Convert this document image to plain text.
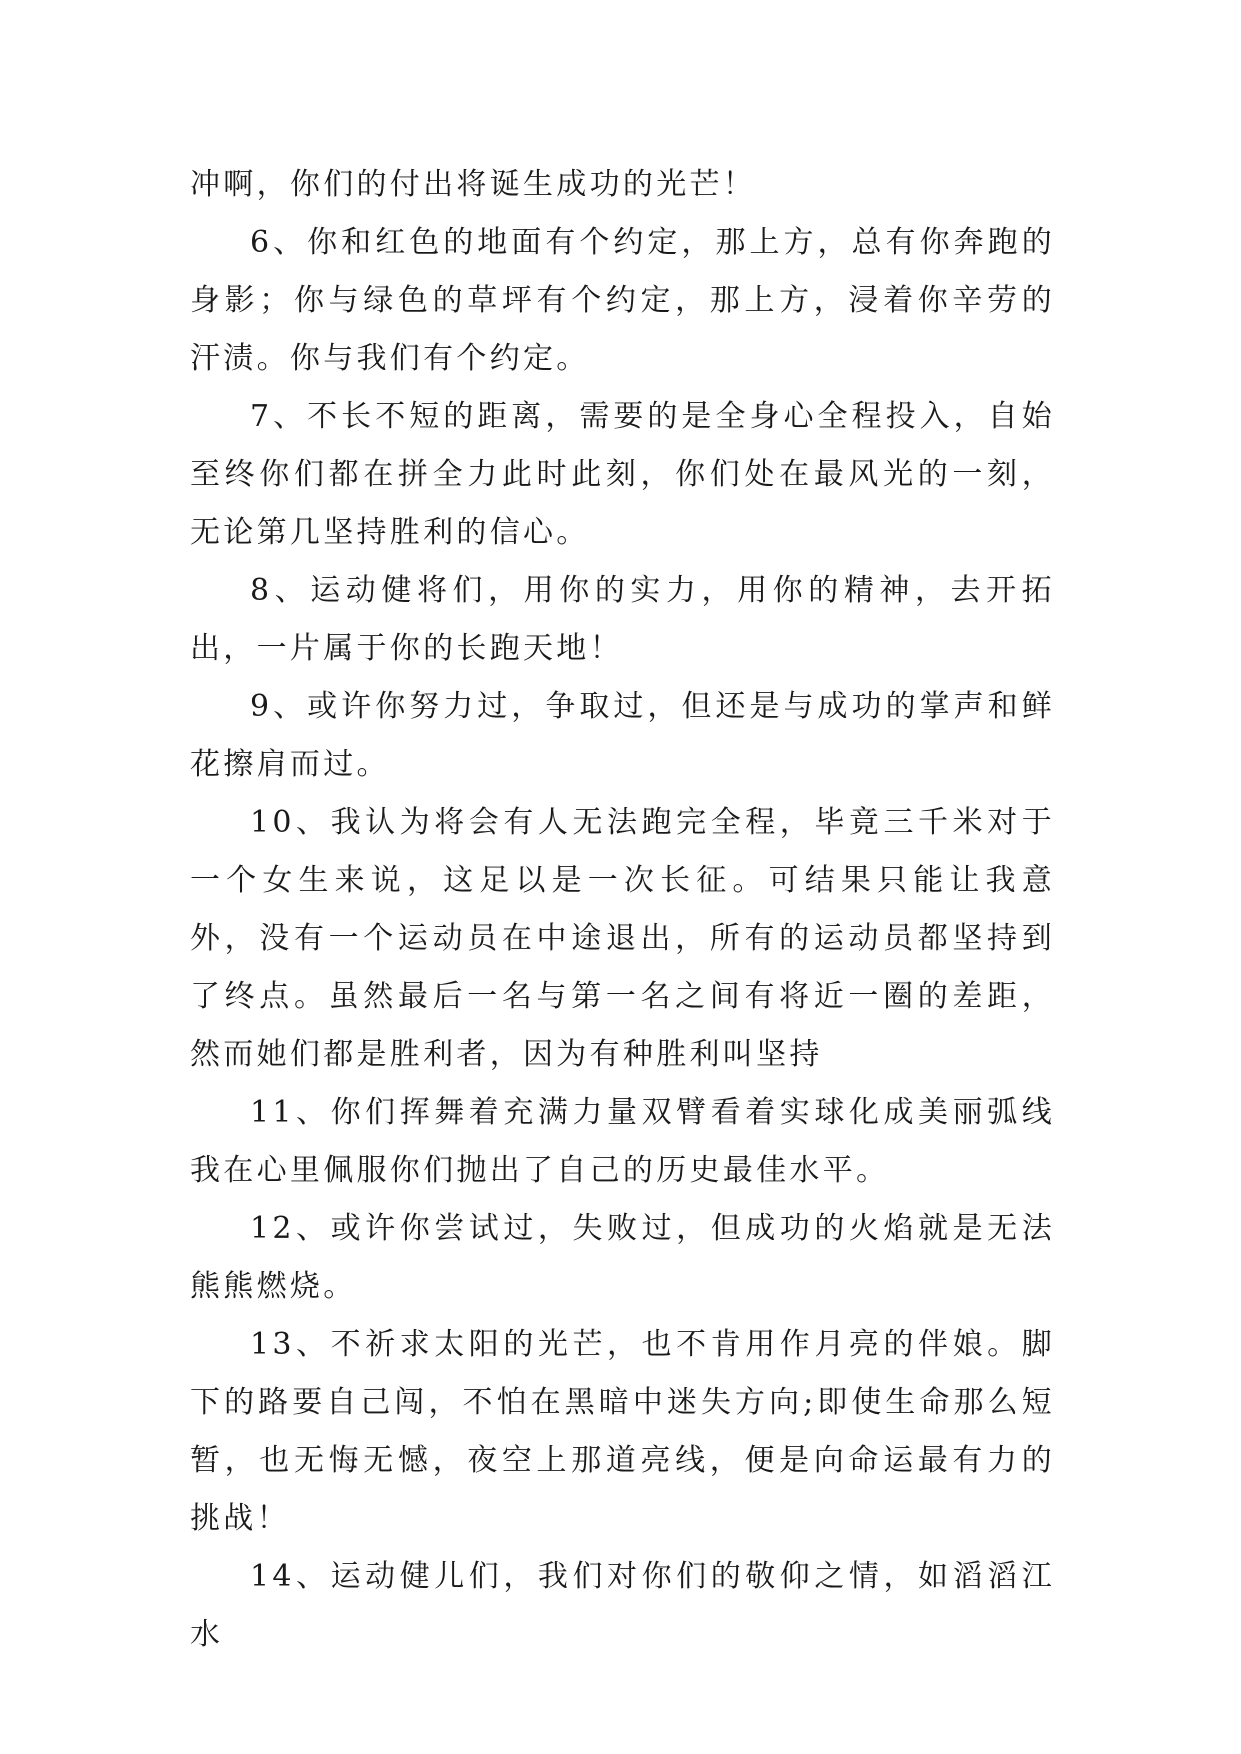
冲啊，你们的付出将诞生成功的光芒！

6、你和红色的地面有个约定，那上方，总有你奔跑的身影；你与绿色的草坪有个约定，那上方，浸着你辛劳的汗渍。你与我们有个约定。

7、不长不短的距离，需要的是全身心全程投入，自始至终你们都在拼全力此时此刻，你们处在最风光的一刻，无论第几坚持胜利的信心。

8、运动健将们，用你的实力，用你的精神，去开拓出，一片属于你的长跑天地！

9、或许你努力过，争取过，但还是与成功的掌声和鲜花擦肩而过。

10、我认为将会有人无法跑完全程，毕竟三千米对于一个女生来说，这足以是一次长征。可结果只能让我意外，没有一个运动员在中途退出，所有的运动员都坚持到了终点。虽然最后一名与第一名之间有将近一圈的差距，然而她们都是胜利者，因为有种胜利叫坚持

11、你们挥舞着充满力量双臂看着实球化成美丽弧线我在心里佩服你们抛出了自己的历史最佳水平。

12、或许你尝试过，失败过，但成功的火焰就是无法熊熊燃烧。

13、不祈求太阳的光芒，也不肯用作月亮的伴娘。脚下的路要自己闯，不怕在黑暗中迷失方向;即使生命那么短暂，也无悔无憾，夜空上那道亮线，便是向命运最有力的挑战！

14、运动健儿们，我们对你们的敬仰之情，如滔滔江水
